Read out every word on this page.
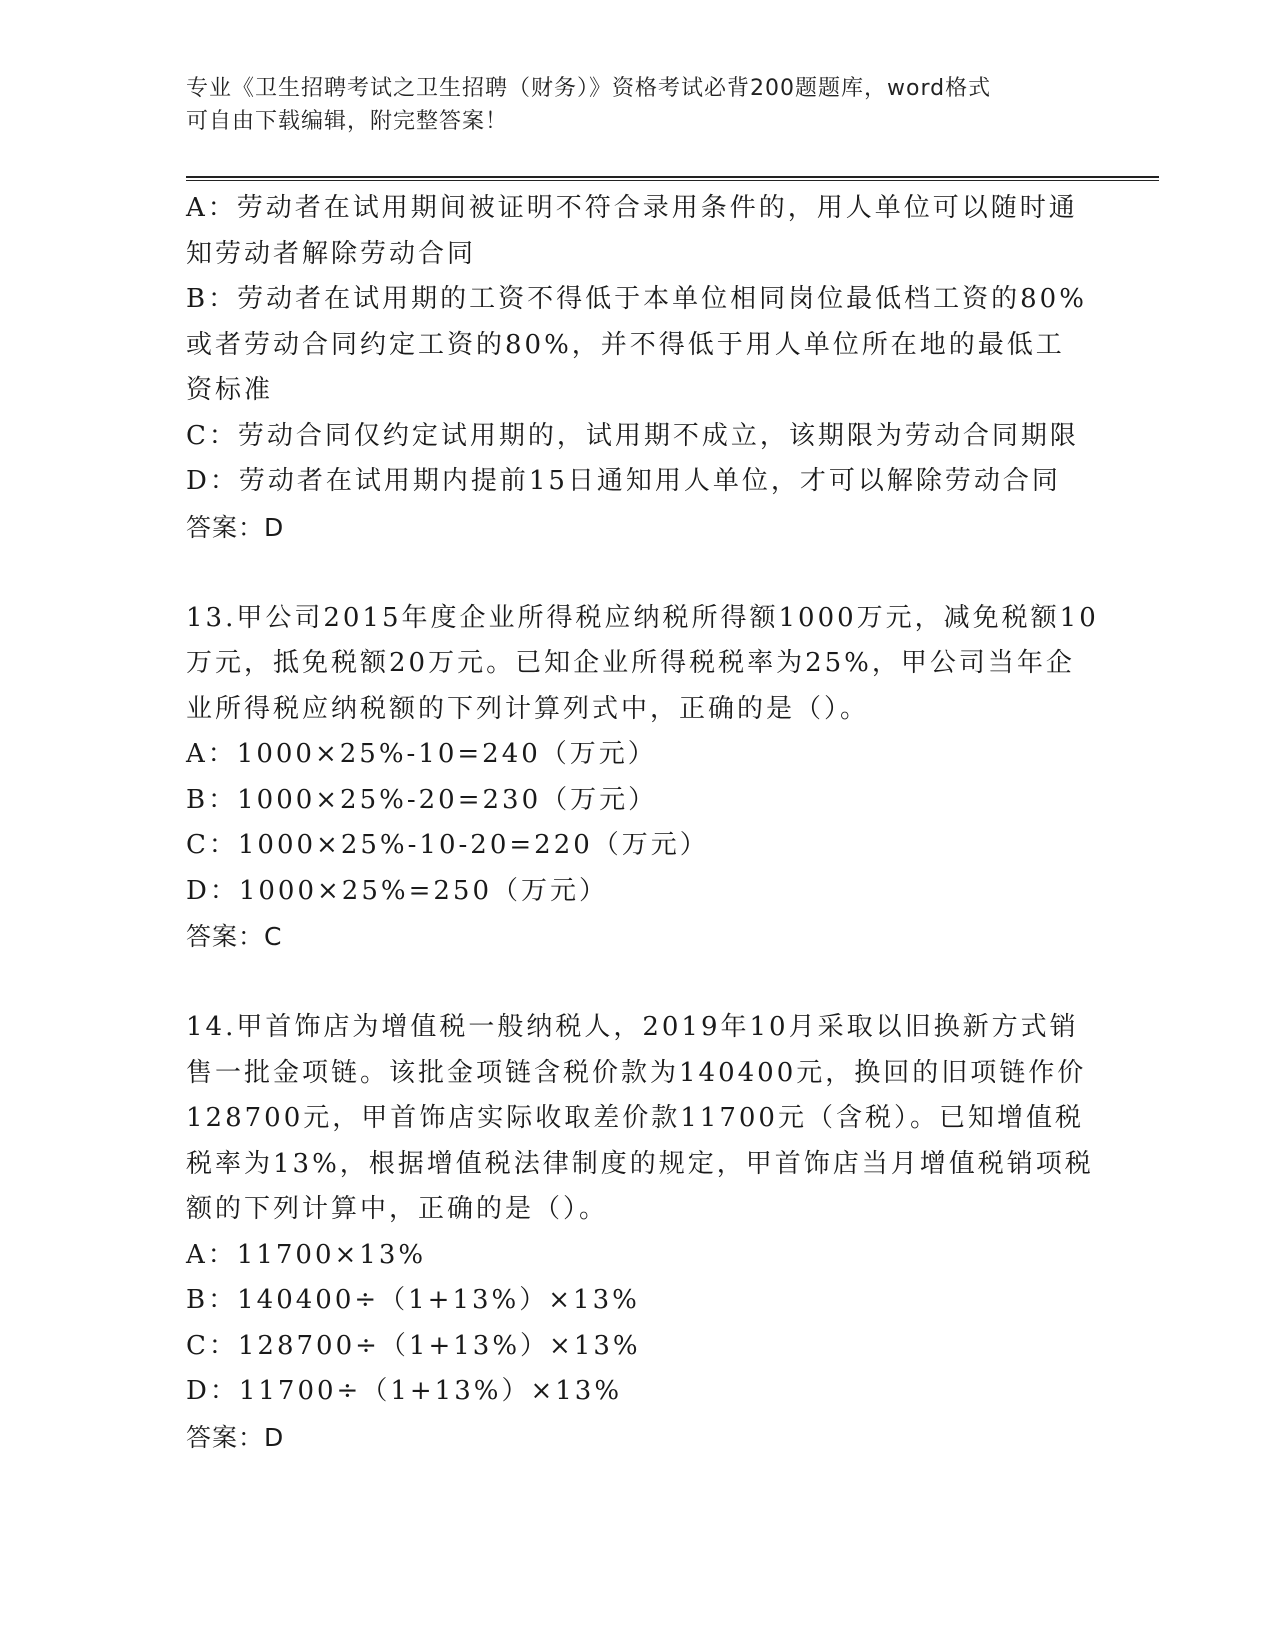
专业《卫生招聘考试之卫生招聘（财务）》资格考试必背200题题库，word格式
可自由下载编辑，附完整答案！
A：劳动者在试用期间被证明不符合录用条件的，用人单位可以随时通
知劳动者解除劳动合同
B：劳动者在试用期的工资不得低于本单位相同岗位最低档工资的80%
或者劳动合同约定工资的80%，并不得低于用人单位所在地的最低工
资标准
C：劳动合同仅约定试用期的，试用期不成立，该期限为劳动合同期限
D：劳动者在试用期内提前15日通知用人单位，才可以解除劳动合同
答案：D
13.甲公司2015年度企业所得税应纳税所得额1000万元，减免税额10
万元，抵免税额20万元。已知企业所得税税率为25%，甲公司当年企
业所得税应纳税额的下列计算列式中，正确的是（）。
A：1000×25%-10=240（万元）
B：1000×25%-20=230（万元）
C：1000×25%-10-20=220（万元）
D：1000×25%=250（万元）
答案：C
14.甲首饰店为增值税一般纳税人，2019年10月采取以旧换新方式销
售一批金项链。该批金项链含税价款为140400元，换回的旧项链作价
128700元，甲首饰店实际收取差价款11700元（含税）。已知增值税
税率为13%，根据增值税法律制度的规定，甲首饰店当月增值税销项税
额的下列计算中，正确的是（）。
A：11700×13%
B：140400÷（1+13%）×13%
C：128700÷（1+13%）×13%
D：11700÷（1+13%）×13%
答案：D
